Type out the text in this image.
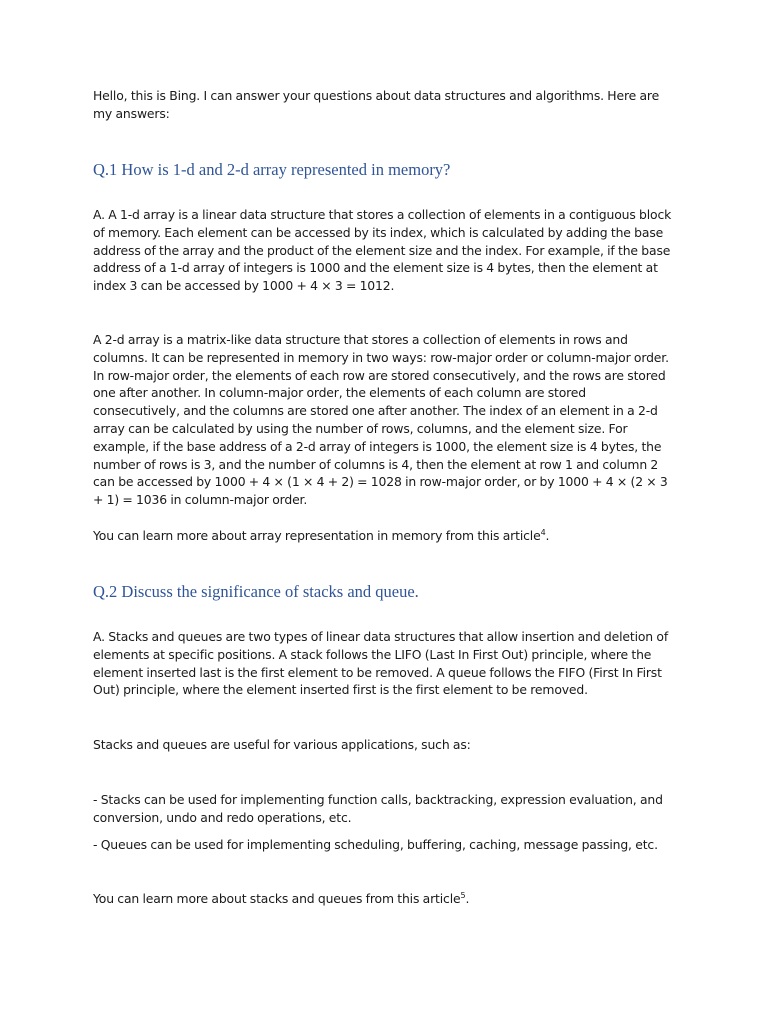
Hello, this is Bing. I can answer your questions about data structures and algorithms. Here are my answers:

Q.1 How is 1-d and 2-d array represented in memory?

A. A 1-d array is a linear data structure that stores a collection of elements in a contiguous block of memory. Each element can be accessed by its index, which is calculated by adding the base address of the array and the product of the element size and the index. For example, if the base address of a 1-d array of integers is 1000 and the element size is 4 bytes, then the element at index 3 can be accessed by 1000 + 4 × 3 = 1012.

A 2-d array is a matrix-like data structure that stores a collection of elements in rows and columns. It can be represented in memory in two ways: row-major order or column-major order. In row-major order, the elements of each row are stored consecutively, and the rows are stored one after another. In column-major order, the elements of each column are stored consecutively, and the columns are stored one after another. The index of an element in a 2-d array can be calculated by using the number of rows, columns, and the element size. For example, if the base address of a 2-d array of integers is 1000, the element size is 4 bytes, the number of rows is 3, and the number of columns is 4, then the element at row 1 and column 2 can be accessed by 1000 + 4 × (1 × 4 + 2) = 1028 in row-major order, or by 1000 + 4 × (2 × 3 + 1) = 1036 in column-major order.

You can learn more about array representation in memory from this article$^4$.

Q.2 Discuss the significance of stacks and queue.

A. Stacks and queues are two types of linear data structures that allow insertion and deletion of elements at specific positions. A stack follows the LIFO (Last In First Out) principle, where the element inserted last is the first element to be removed. A queue follows the FIFO (First In First Out) principle, where the element inserted first is the first element to be removed.

Stacks and queues are useful for various applications, such as:

- Stacks can be used for implementing function calls, backtracking, expression evaluation, and conversion, undo and redo operations, etc.

- Queues can be used for implementing scheduling, buffering, caching, message passing, etc.

You can learn more about stacks and queues from this article$^5$.
